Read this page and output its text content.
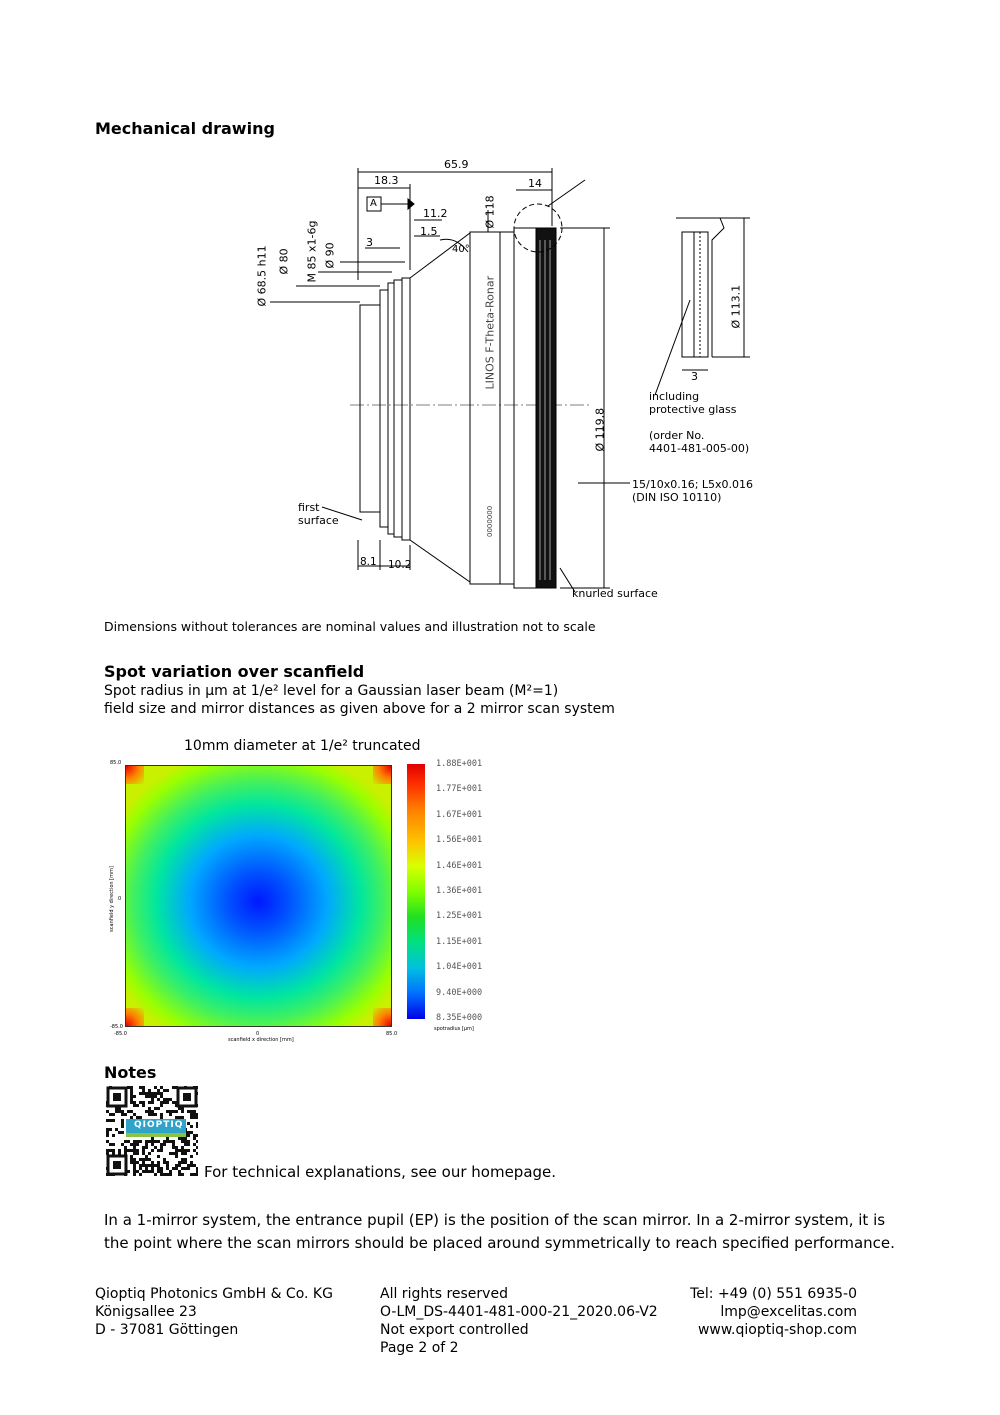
Mechanical drawing
65.9
18.3	14
A
11.2
1.5
3
40°
Ø 68.5 h11 Ø 80 M 85 x1-6g Ø 90
Ø 118
Ø 119.8
Ø 113.1
3
LINOS F-Theta-Ronar
0000000
first
surface
8.1 10.2
including
protective glass
(order No.
4401-481-005-00)
15/10x0.16; L5x0.016
(DIN ISO 10110)
knurled surface
Dimensions without tolerances are nominal values and illustration not to scale
Spot variation over scanfield
Spot radius in µm at 1/e² level for a Gaussian laser beam (M²=1)
field size and mirror distances as given above for a 2 mirror scan system
10mm diameter at 1/e² truncated
85.0
0
-85.0
-85.0	0	85.0
scanfield x direction [mm]
scanfield y direction [mm]
1.88E+001
1.77E+001
1.67E+001
1.56E+001
1.46E+001
1.36E+001
1.25E+001
1.15E+001
1.04E+001
9.40E+000
8.35E+000
spotradius [µm]
Notes
QIOPTIQ
For technical explanations, see our homepage.
In a 1-mirror system, the entrance pupil (EP) is the position of the scan mirror. In a 2-mirror system, it is
the point where the scan mirrors should be placed around symmetrically to reach specified performance.
Qioptiq Photonics GmbH & Co. KG
Königsallee 23
D - 37081 Göttingen
All rights reserved
O-LM_DS-4401-481-000-21_2020.06-V2
Not export controlled
Page 2 of 2
Tel: +49 (0) 551 6935-0
lmp@excelitas.com
www.qioptiq-shop.com
